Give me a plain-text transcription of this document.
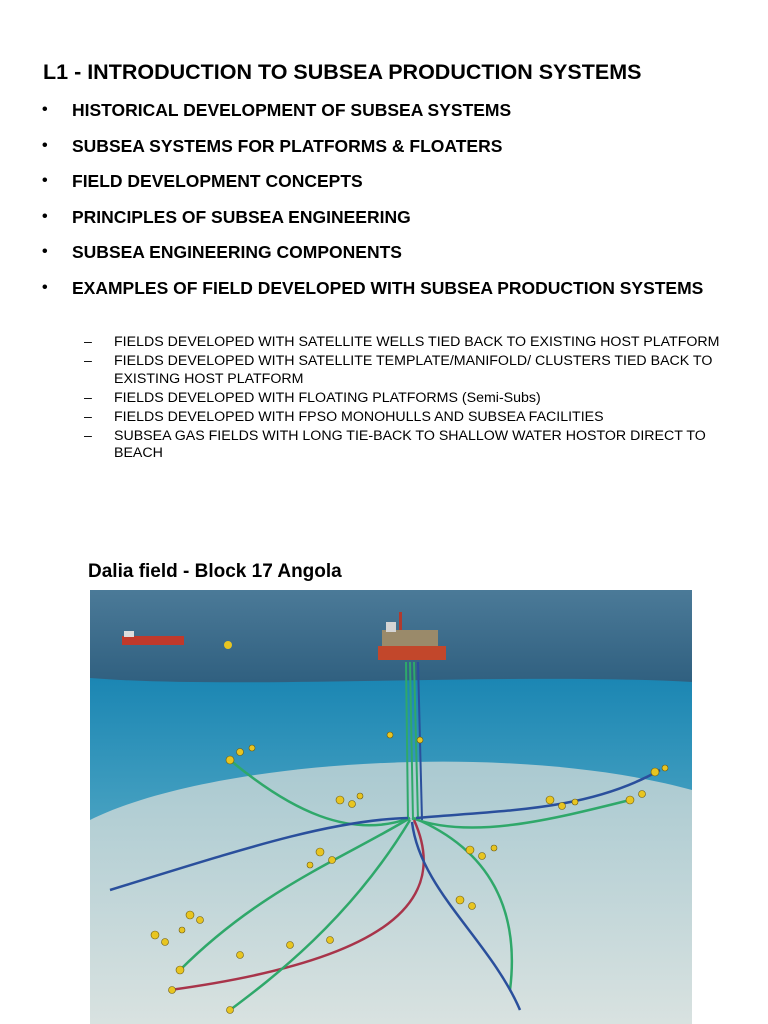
L1 - INTRODUCTION TO SUBSEA PRODUCTION SYSTEMS
• HISTORICAL DEVELOPMENT OF SUBSEA SYSTEMS
• SUBSEA SYSTEMS FOR PLATFORMS & FLOATERS
• FIELD DEVELOPMENT CONCEPTS
• PRINCIPLES OF SUBSEA ENGINEERING
• SUBSEA ENGINEERING COMPONENTS
• EXAMPLES OF FIELD DEVELOPED WITH SUBSEA PRODUCTION SYSTEMS
– FIELDS DEVELOPED WITH SATELLITE WELLS TIED BACK TO EXISTING HOST PLATFORM
– FIELDS DEVELOPED WITH SATELLITE TEMPLATE/MANIFOLD/ CLUSTERS TIED BACK TO EXISTING HOST PLATFORM
– FIELDS DEVELOPED WITH FLOATING PLATFORMS (Semi-Subs)
– FIELDS DEVELOPED WITH FPSO MONOHULLS AND SUBSEA FACILITIES
– SUBSEA GAS FIELDS WITH LONG TIE-BACK TO SHALLOW WATER HOSTOR DIRECT TO BEACH
Dalia field - Block 17 Angola
